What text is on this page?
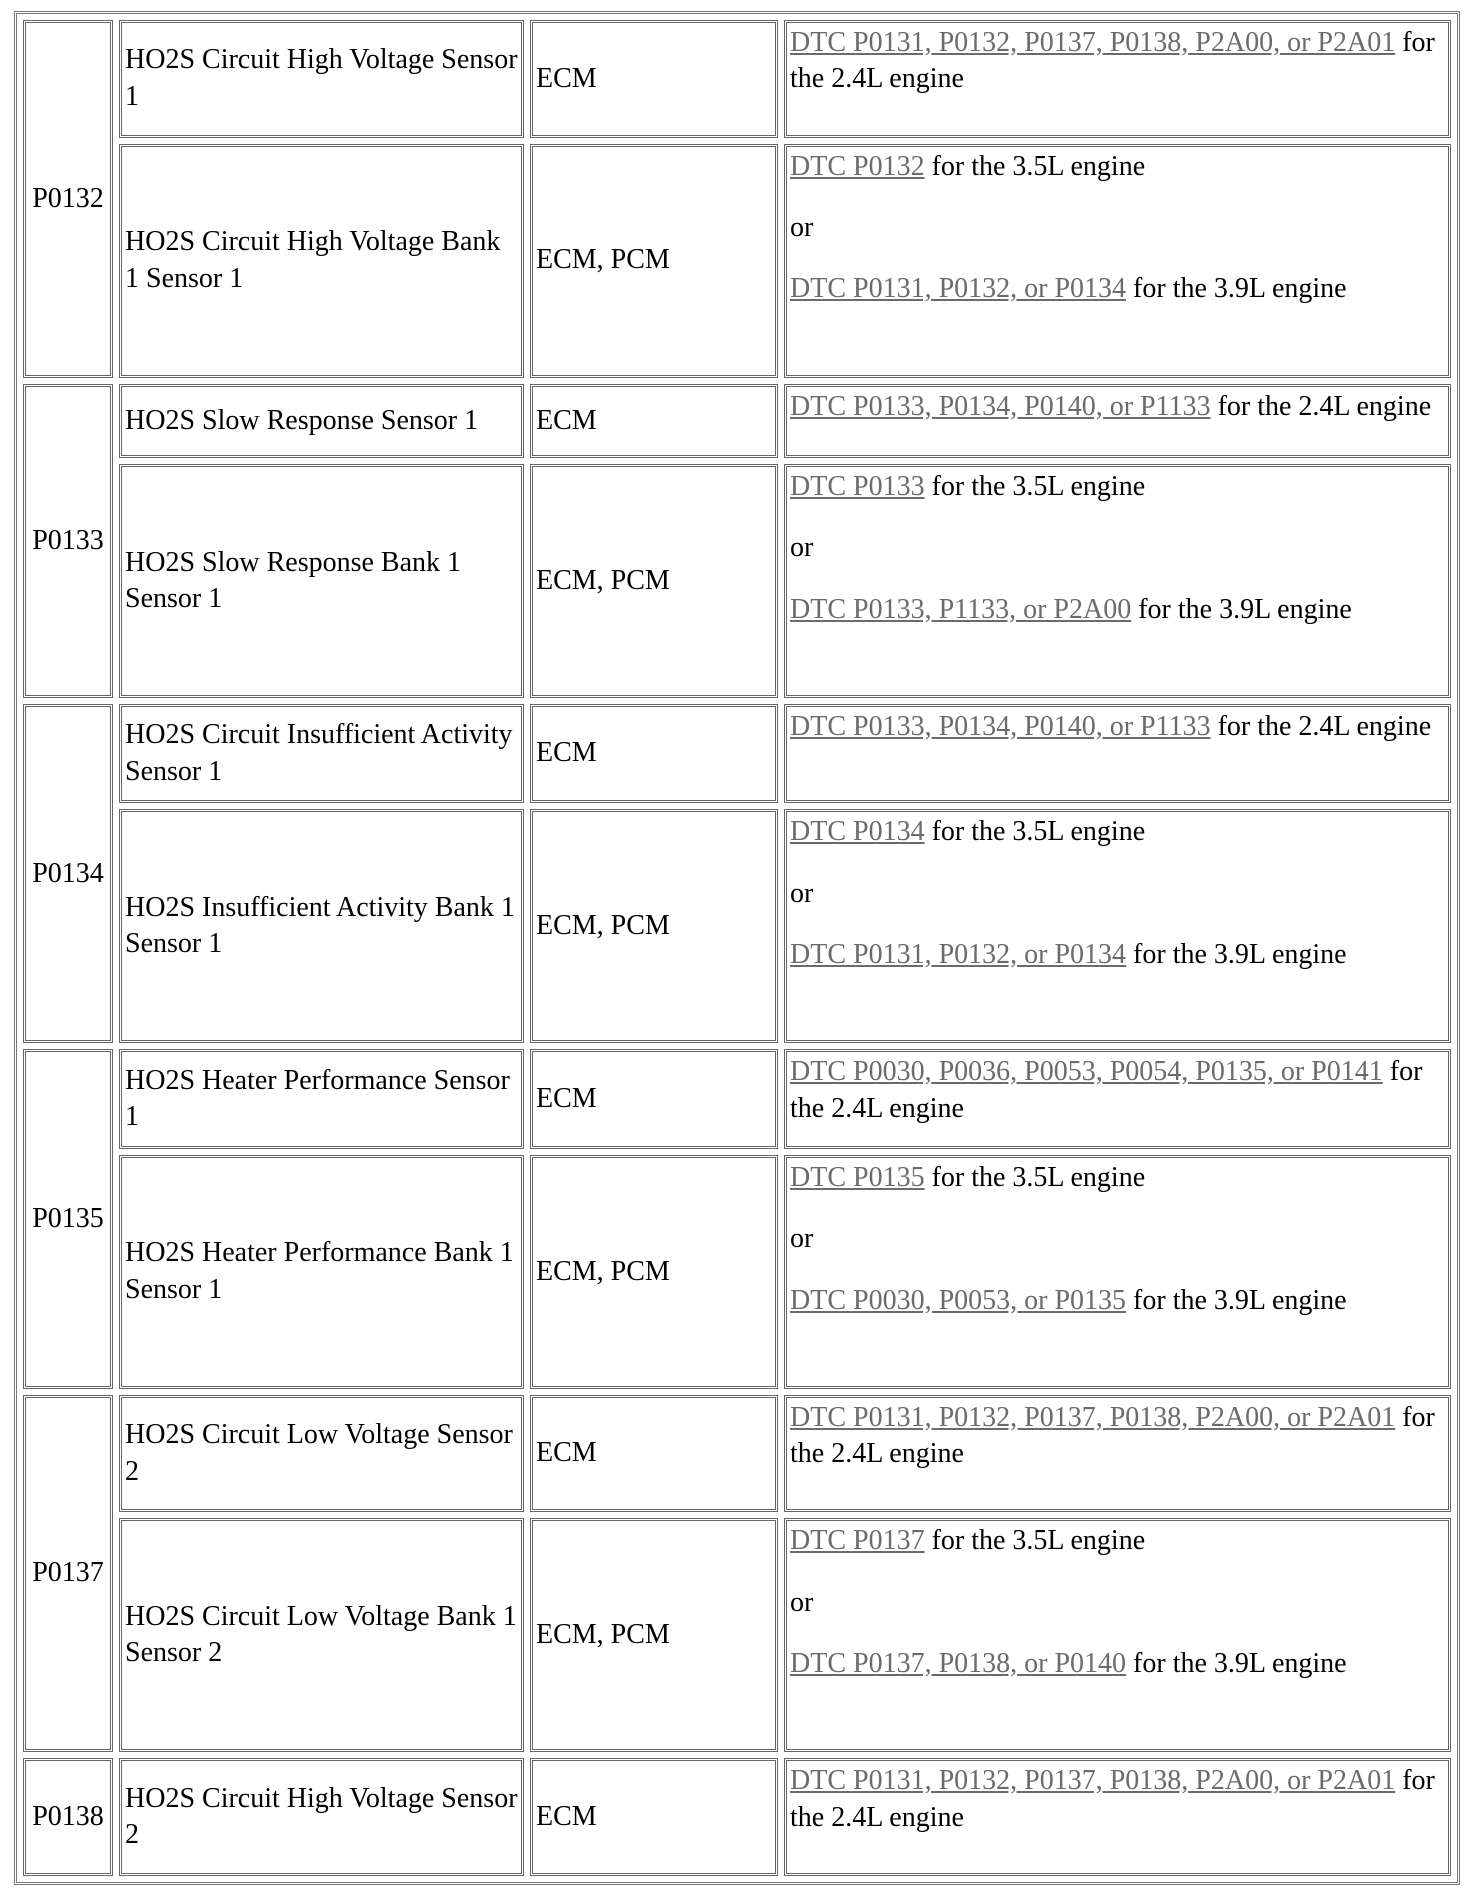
P0132	HO2S Circuit High Voltage Sensor 1	ECM	DTC P0131, P0132, P0137, P0138, P2A00, or P2A01 for the 2.4L engine

	HO2S Circuit High Voltage Bank 1 Sensor 1	ECM, PCM	DTC P0132 for the 3.5L engine
or
DTC P0131, P0132, or P0134 for the 3.9L engine

P0133	HO2S Slow Response Sensor 1	ECM	DTC P0133, P0134, P0140, or P1133 for the 2.4L engine

	HO2S Slow Response Bank 1 Sensor 1	ECM, PCM	DTC P0133 for the 3.5L engine
or
DTC P0133, P1133, or P2A00 for the 3.9L engine

P0134	HO2S Circuit Insufficient Activity Sensor 1	ECM	DTC P0133, P0134, P0140, or P1133 for the 2.4L engine

	HO2S Insufficient Activity Bank 1 Sensor 1	ECM, PCM	DTC P0134 for the 3.5L engine
or
DTC P0131, P0132, or P0134 for the 3.9L engine

P0135	HO2S Heater Performance Sensor 1	ECM	DTC P0030, P0036, P0053, P0054, P0135, or P0141 for the 2.4L engine

	HO2S Heater Performance Bank 1 Sensor 1	ECM, PCM	DTC P0135 for the 3.5L engine
or
DTC P0030, P0053, or P0135 for the 3.9L engine

P0137	HO2S Circuit Low Voltage Sensor 2	ECM	DTC P0131, P0132, P0137, P0138, P2A00, or P2A01 for the 2.4L engine

	HO2S Circuit Low Voltage Bank 1 Sensor 2	ECM, PCM	DTC P0137 for the 3.5L engine
or
DTC P0137, P0138, or P0140 for the 3.9L engine

P0138	HO2S Circuit High Voltage Sensor 2	ECM	DTC P0131, P0132, P0137, P0138, P2A00, or P2A01 for the 2.4L engine
